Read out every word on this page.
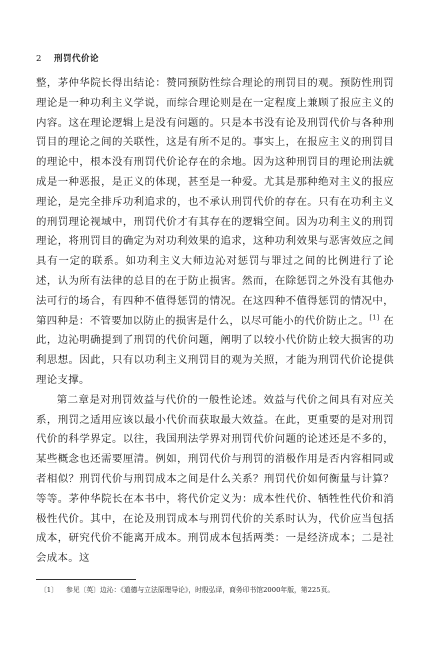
2 刑罚代价论

整，茅仲华院长得出结论：赞同预防性综合理论的刑罚目的观。预防性刑罚理论是一种功利主义学说，而综合理论则是在一定程度上兼顾了报应主义的内容。这在理论逻辑上是没有问题的。只是本书没有论及刑罚代价与各种刑罚目的理论之间的关联性，这是有所不足的。事实上，在报应主义的刑罚目的理论中，根本没有刑罚代价论存在的余地。因为这种刑罚目的理论刑法就成是一种恶报，是正义的体现，甚至是一种爱。尤其是那种绝对主义的报应理论，是完全排斥功利追求的，也不承认刑罚代价的存在。只有在功利主义的刑罚理论视域中，刑罚代价才有其存在的逻辑空间。因为功利主义的刑罚理论，将刑罚目的确定为对功利效果的追求，这种功利效果与恶害效应之间具有一定的联系。如功利主义大师边沁对惩罚与罪过之间的比例进行了论述，认为所有法律的总目的在于防止损害。然而，在除惩罚之外没有其他办法可行的场合，有四种不值得惩罚的情况。在这四种不值得惩罚的情况中，第四种是：不管要加以防止的损害是什么，以尽可能小的代价防止之。[1] 在此，边沁明确提到了刑罚的代价问题，阐明了以较小代价防止较大损害的功利思想。因此，只有以功利主义刑罚目的观为关照，才能为刑罚代价论提供理论支撑。

第二章是对刑罚效益与代价的一般性论述。效益与代价之间具有对应关系，刑罚之适用应该以最小代价而获取最大效益。在此，更重要的是对刑罚代价的科学界定。以往，我国刑法学界对刑罚代价问题的论述还是不多的，某些概念也还需要厘清。例如，刑罚代价与刑罚的消极作用是否内容相同或者相似？刑罚代价与刑罚成本之间是什么关系？刑罚代价如何衡量与计算？等等。茅仲华院长在本书中，将代价定义为：成本性代价、牺牲性代价和消极性代价。其中，在论及刑罚成本与刑罚代价的关系时认为，代价应当包括成本，研究代价不能离开成本。刑罚成本包括两类：一是经济成本；二是社会成本。这

〔1〕 参见〔英〕边沁：《道德与立法原理导论》，时殷弘译，商务印书馆2000年版，第225页。
